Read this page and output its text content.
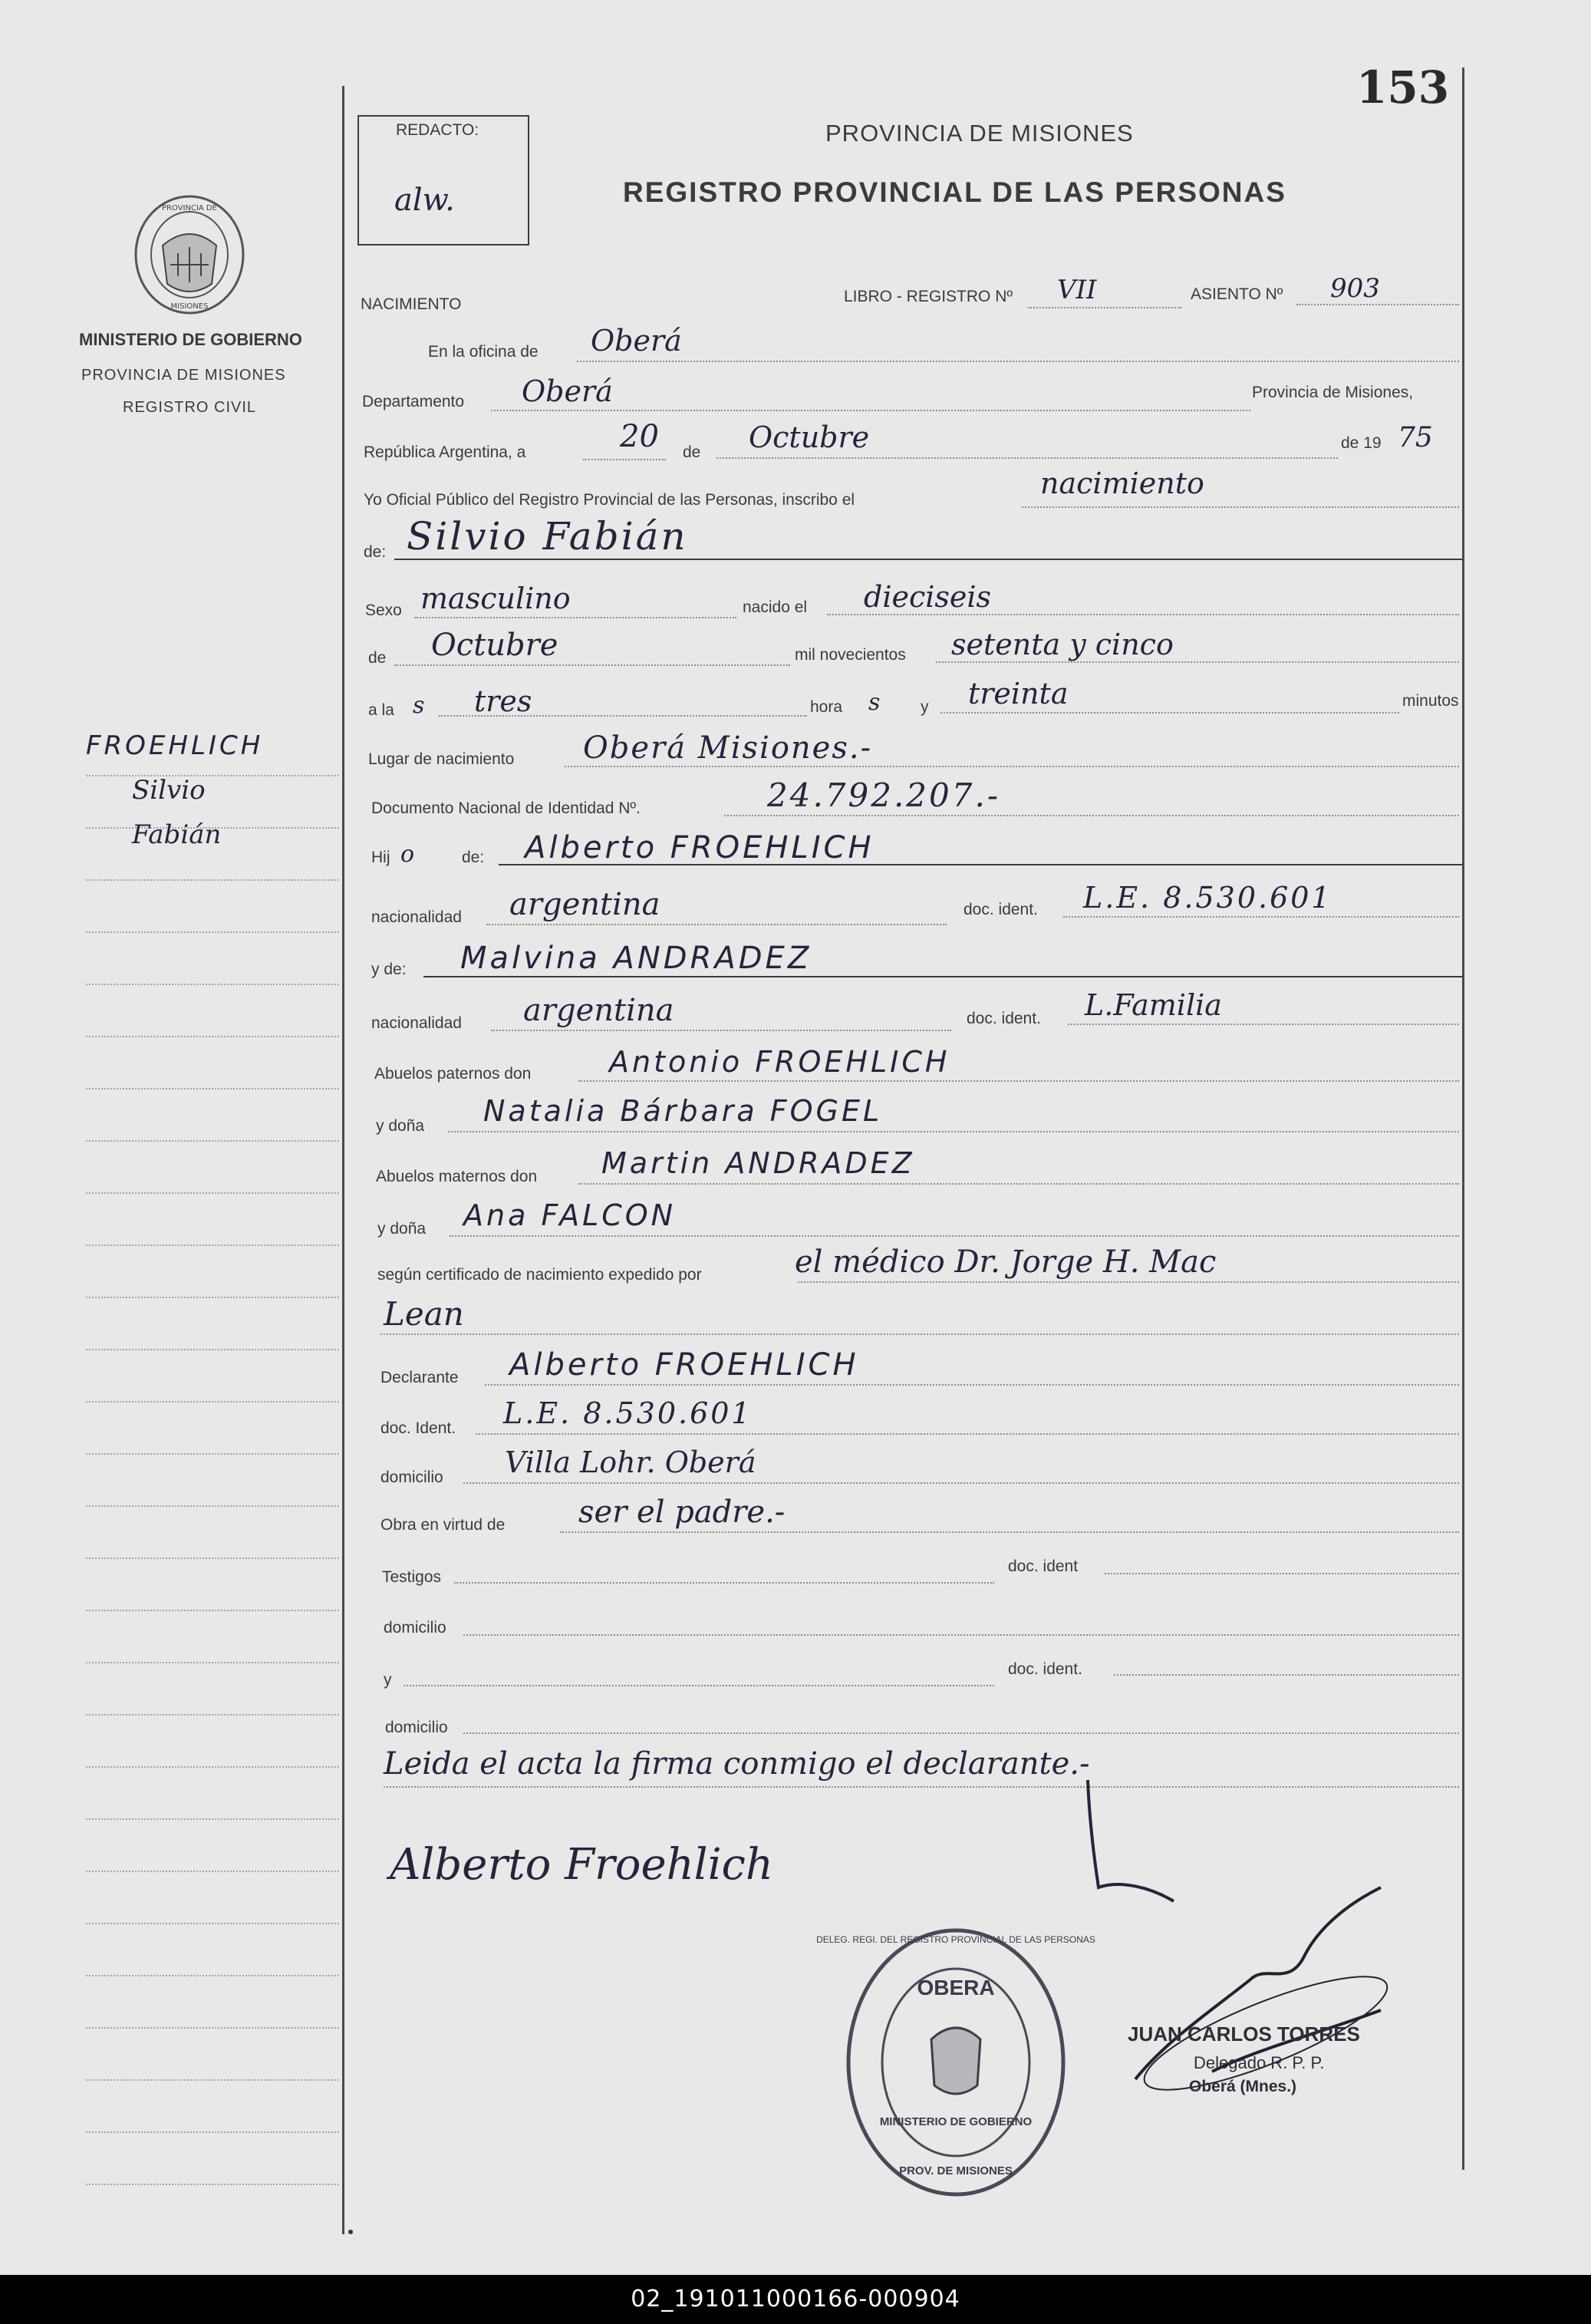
153
REDACTO:
alw.
PROVINCIA DE MISIONES
REGISTRO PROVINCIAL DE LAS PERSONAS
PROVINCIA DE
MISIONES
MINISTERIO DE GOBIERNO
PROVINCIA DE MISIONES
REGISTRO CIVIL
FROEHLICH
Silvio
Fabián
NACIMIENTO	LIBRO - REGISTRO Nº VII	ASIENTO Nº 903
En la oficina de Oberá
Departamento Oberá	Provincia de Misiones,
República Argentina, a	20 de Octubre	de 19 75
Yo Oficial Público del Registro Provincial de las Personas, inscribo el	nacimiento
de: Silvio Fabián
Sexo masculino	nacido el dieciseis
de Octubre	mil novecientos setenta y cinco
a la s tres	hora s	y treinta	minutos
Lugar de nacimiento Oberá Misiones.-
Documento Nacional de Identidad Nº.	24.792.207.-
Hij o	de: Alberto FROEHLICH
nacionalidad argentina	doc. ident. L.E. 8.530.601
y de: Malvina ANDRADEZ
nacionalidad argentina	doc. ident. L.Familia
Abuelos paternos don	Antonio FROEHLICH
y doña Natalia Bárbara FOGEL
Abuelos maternos don Martin ANDRADEZ
y doña Ana FALCON
según certificado de nacimiento expedido por	el médico Dr. Jorge H. Mac
Lean
Declarante Alberto FROEHLICH
doc. Ident. L.E. 8.530.601
domicilio Villa Lohr. Oberá
Obra en virtud de ser el padre.-
Testigos
doc. ident
domicilio
y
doc. ident.
domicilio
Leida el acta la firma conmigo el declarante.-
Alberto Froehlich
OBERA
DELEG. REGI. DEL REGISTRO PROVINCIAL DE LAS PERSONAS
MINISTERIO DE GOBIERNO
PROV. DE MISIONES
JUAN CARLOS TORRES
Delegado R. P. P.
Oberá (Mnes.)
02_191011000166-000904
